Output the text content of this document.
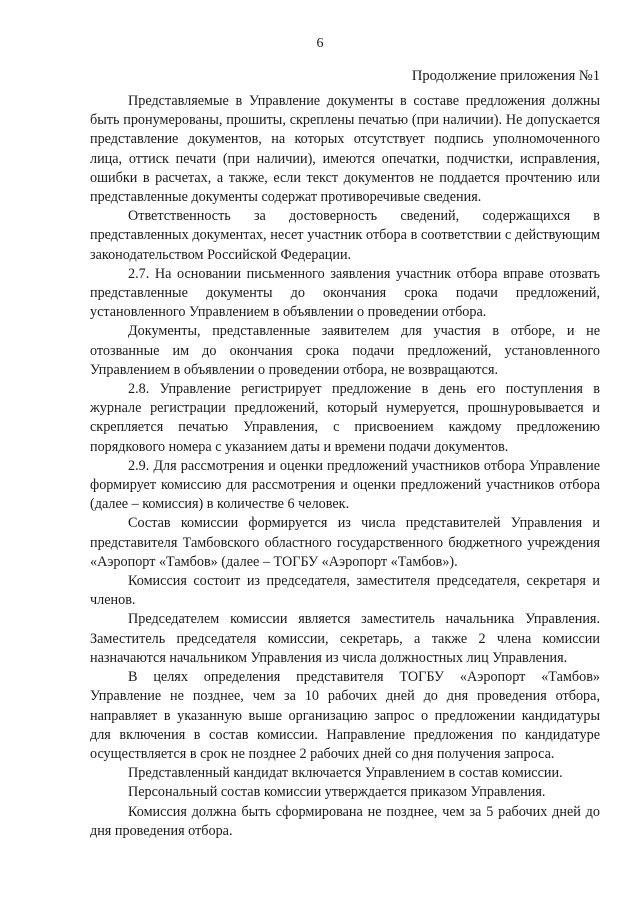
6
Продолжение приложения №1

Представляемые в Управление документы в составе предложения должны быть пронумерованы, прошиты, скреплены печатью (при наличии). Не допускается представление документов, на которых отсутствует подпись уполномоченного лица, оттиск печати (при наличии), имеются опечатки, подчистки, исправления, ошибки в расчетах, а также, если текст документов не поддается прочтению или представленные документы содержат противоречивые сведения.

Ответственность за достоверность сведений, содержащихся в представленных документах, несет участник отбора в соответствии с действующим законодательством Российской Федерации.

2.7. На основании письменного заявления участник отбора вправе отозвать представленные документы до окончания срока подачи предложений, установленного Управлением в объявлении о проведении отбора.

Документы, представленные заявителем для участия в отборе, и не отозванные им до окончания срока подачи предложений, установленного Управлением в объявлении о проведении отбора, не возвращаются.

2.8. Управление регистрирует предложение в день его поступления в журнале регистрации предложений, который нумеруется, прошнуровывается и скрепляется печатью Управления, с присвоением каждому предложению порядкового номера с указанием даты и времени подачи документов.

2.9. Для рассмотрения и оценки предложений участников отбора Управление формирует комиссию для рассмотрения и оценки предложений участников отбора (далее – комиссия) в количестве 6 человек.

Состав комиссии формируется из числа представителей Управления и представителя Тамбовского областного государственного бюджетного учреждения «Аэропорт «Тамбов» (далее – ТОГБУ «Аэропорт «Тамбов»).

Комиссия состоит из председателя, заместителя председателя, секретаря и членов.

Председателем комиссии является заместитель начальника Управления. Заместитель председателя комиссии, секретарь, а также 2 члена комиссии назначаются начальником Управления из числа должностных лиц Управления.

В целях определения представителя ТОГБУ «Аэропорт «Тамбов» Управление не позднее, чем за 10 рабочих дней до дня проведения отбора, направляет в указанную выше организацию запрос о предложении кандидатуры для включения в состав комиссии. Направление предложения по кандидатуре осуществляется в срок не позднее 2 рабочих дней со дня получения запроса.

Представленный кандидат включается Управлением в состав комиссии.

Персональный состав комиссии утверждается приказом Управления.

Комиссия должна быть сформирована не позднее, чем за 5 рабочих дней до дня проведения отбора.
